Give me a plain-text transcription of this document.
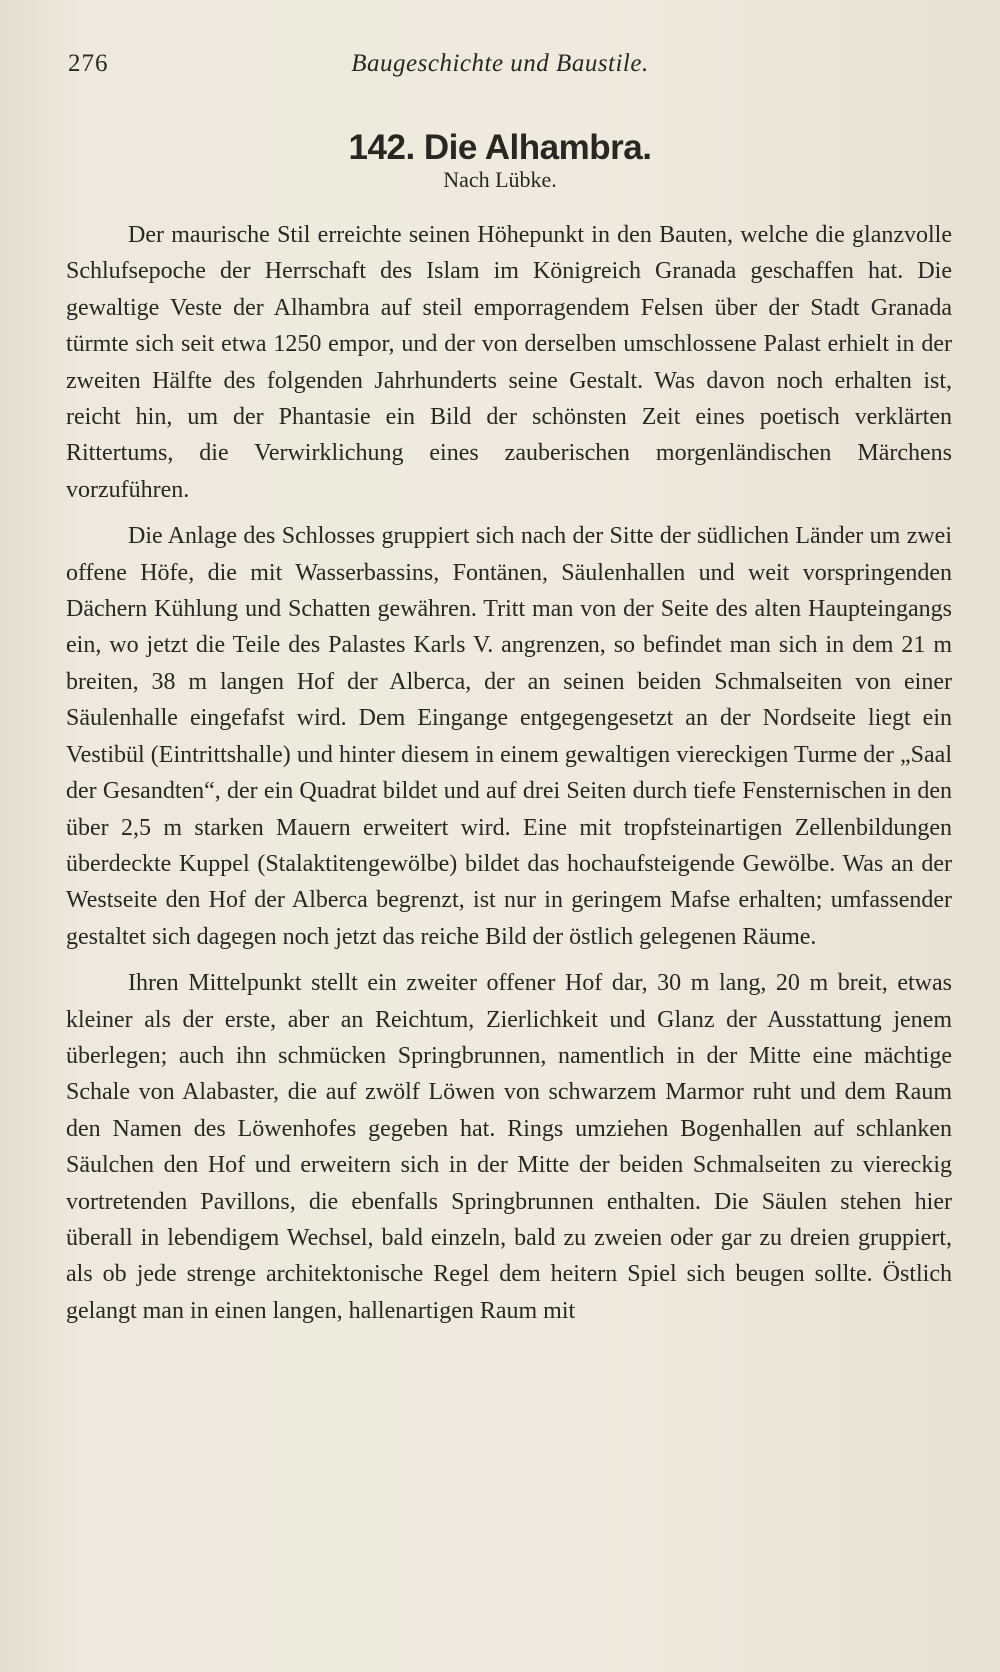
276	Baugeschichte und Baustile.
142. Die Alhambra.
Nach Lübke.

Der maurische Stil erreichte seinen Höhepunkt in den Bauten, welche die glanzvolle Schlufsepoche der Herrschaft des Islam im Königreich Granada geschaffen hat. Die gewaltige Veste der Alhambra auf steil emporragendem Felsen über der Stadt Granada türmte sich seit etwa 1250 empor, und der von derselben umschlossene Palast erhielt in der zweiten Hälfte des folgenden Jahrhunderts seine Gestalt. Was davon noch erhalten ist, reicht hin, um der Phantasie ein Bild der schönsten Zeit eines poetisch verklärten Rittertums, die Verwirklichung eines zauberischen morgenländischen Märchens vorzuführen.

Die Anlage des Schlosses gruppiert sich nach der Sitte der südlichen Länder um zwei offene Höfe, die mit Wasserbassins, Fontänen, Säulenhallen und weit vorspringenden Dächern Kühlung und Schatten gewähren. Tritt man von der Seite des alten Haupteingangs ein, wo jetzt die Teile des Palastes Karls V. angrenzen, so befindet man sich in dem 21 m breiten, 38 m langen Hof der Alberca, der an seinen beiden Schmalseiten von einer Säulenhalle eingefafst wird. Dem Eingange entgegengesetzt an der Nordseite liegt ein Vestibül (Eintrittshalle) und hinter diesem in einem gewaltigen viereckigen Turme der „Saal der Gesandten“, der ein Quadrat bildet und auf drei Seiten durch tiefe Fensternischen in den über 2,5 m starken Mauern erweitert wird. Eine mit tropfsteinartigen Zellenbildungen überdeckte Kuppel (Stalaktitengewölbe) bildet das hochaufsteigende Gewölbe. Was an der Westseite den Hof der Alberca begrenzt, ist nur in geringem Mafse erhalten; umfassender gestaltet sich dagegen noch jetzt das reiche Bild der östlich gelegenen Räume.

Ihren Mittelpunkt stellt ein zweiter offener Hof dar, 30 m lang, 20 m breit, etwas kleiner als der erste, aber an Reichtum, Zierlichkeit und Glanz der Ausstattung jenem überlegen; auch ihn schmücken Springbrunnen, namentlich in der Mitte eine mächtige Schale von Alabaster, die auf zwölf Löwen von schwarzem Marmor ruht und dem Raum den Namen des Löwenhofes gegeben hat. Rings umziehen Bogenhallen auf schlanken Säulchen den Hof und erweitern sich in der Mitte der beiden Schmalseiten zu viereckig vortretenden Pavillons, die ebenfalls Springbrunnen enthalten. Die Säulen stehen hier überall in lebendigem Wechsel, bald einzeln, bald zu zweien oder gar zu dreien gruppiert, als ob jede strenge architektonische Regel dem heitern Spiel sich beugen sollte. Östlich gelangt man in einen langen, hallenartigen Raum mit
